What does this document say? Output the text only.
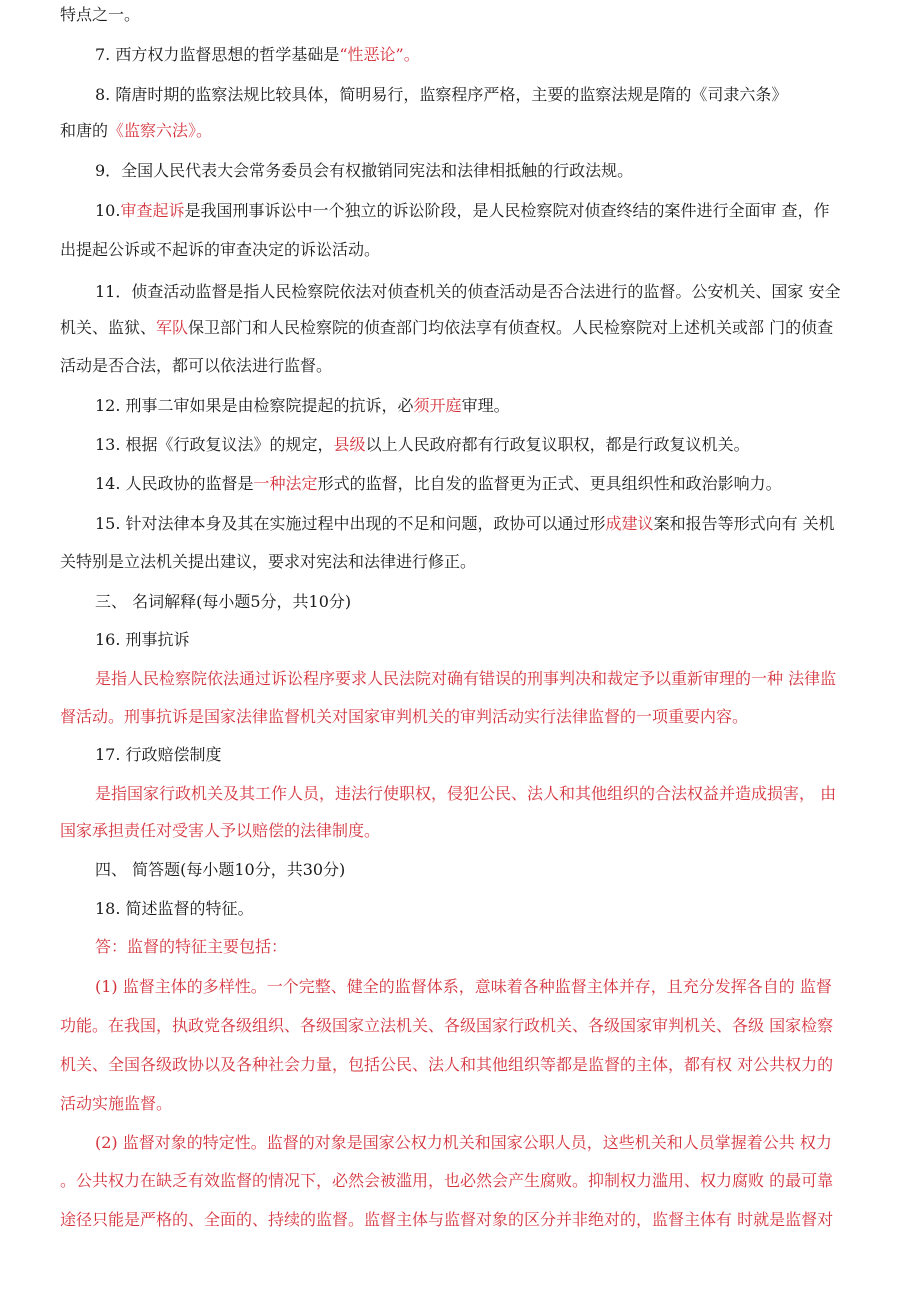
特点之一。
7. 西方权力监督思想的哲学基础是“性恶论”。
8. 隋唐时期的监察法规比较具体，简明易行，监察程序严格，主要的监察法规是隋的《司隶六条》
和唐的《监察六法》。
9．全国人民代表大会常务委员会有权撤销同宪法和法律相抵触的行政法规。
10.审查起诉是我国刑事诉讼中一个独立的诉讼阶段，是人民检察院对侦查终结的案件进行全面审 查，作
出提起公诉或不起诉的审查决定的诉讼活动。
11．侦查活动监督是指人民检察院依法对侦查机关的侦查活动是否合法进行的监督。公安机关、国家 安全
机关、监狱、军队保卫部门和人民检察院的侦查部门均依法享有侦查权。人民检察院对上述机关或部 门的侦查
活动是否合法，都可以依法进行监督。
12. 刑事二审如果是由检察院提起的抗诉，必须开庭审理。
13. 根据《行政复议法》的规定，县级以上人民政府都有行政复议职权，都是行政复议机关。
14. 人民政协的监督是一种法定形式的监督，比自发的监督更为正式、更具组织性和政治影响力。
15. 针对法律本身及其在实施过程中出现的不足和问题，政协可以通过形成建议案和报告等形式向有 关机
关特别是立法机关提出建议，要求对宪法和法律进行修正。
三、 名词解释(每小题5分，共10分)
16. 刑事抗诉
是指人民检察院依法通过诉讼程序要求人民法院对确有错误的刑事判决和裁定予以重新审理的一种 法律监
督活动。刑事抗诉是国家法律监督机关对国家审判机关的审判活动实行法律监督的一项重要内容。
17. 行政赔偿制度
是指国家行政机关及其工作人员，违法行使职权，侵犯公民、法人和其他组织的合法权益并造成损害， 由
国家承担责任对受害人予以赔偿的法律制度。
四、 简答题(每小题10分，共30分)
18. 简述监督的特征。
答：监督的特征主要包括：
(1) 监督主体的多样性。一个完整、健全的监督体系，意味着各种监督主体并存，且充分发挥各自的 监督
功能。在我国，执政党各级组织、各级国家立法机关、各级国家行政机关、各级国家审判机关、各级 国家检察
机关、全国各级政协以及各种社会力量，包括公民、法人和其他组织等都是监督的主体，都有权 对公共权力的
活动实施监督。
(2) 监督对象的特定性。监督的对象是国家公权力机关和国家公职人员，这些机关和人员掌握着公共 权力
。公共权力在缺乏有效监督的情况下，必然会被滥用，也必然会产生腐败。抑制权力滥用、权力腐败 的最可靠
途径只能是严格的、全面的、持续的监督。监督主体与监督对象的区分并非绝对的，监督主体有 时就是监督对
